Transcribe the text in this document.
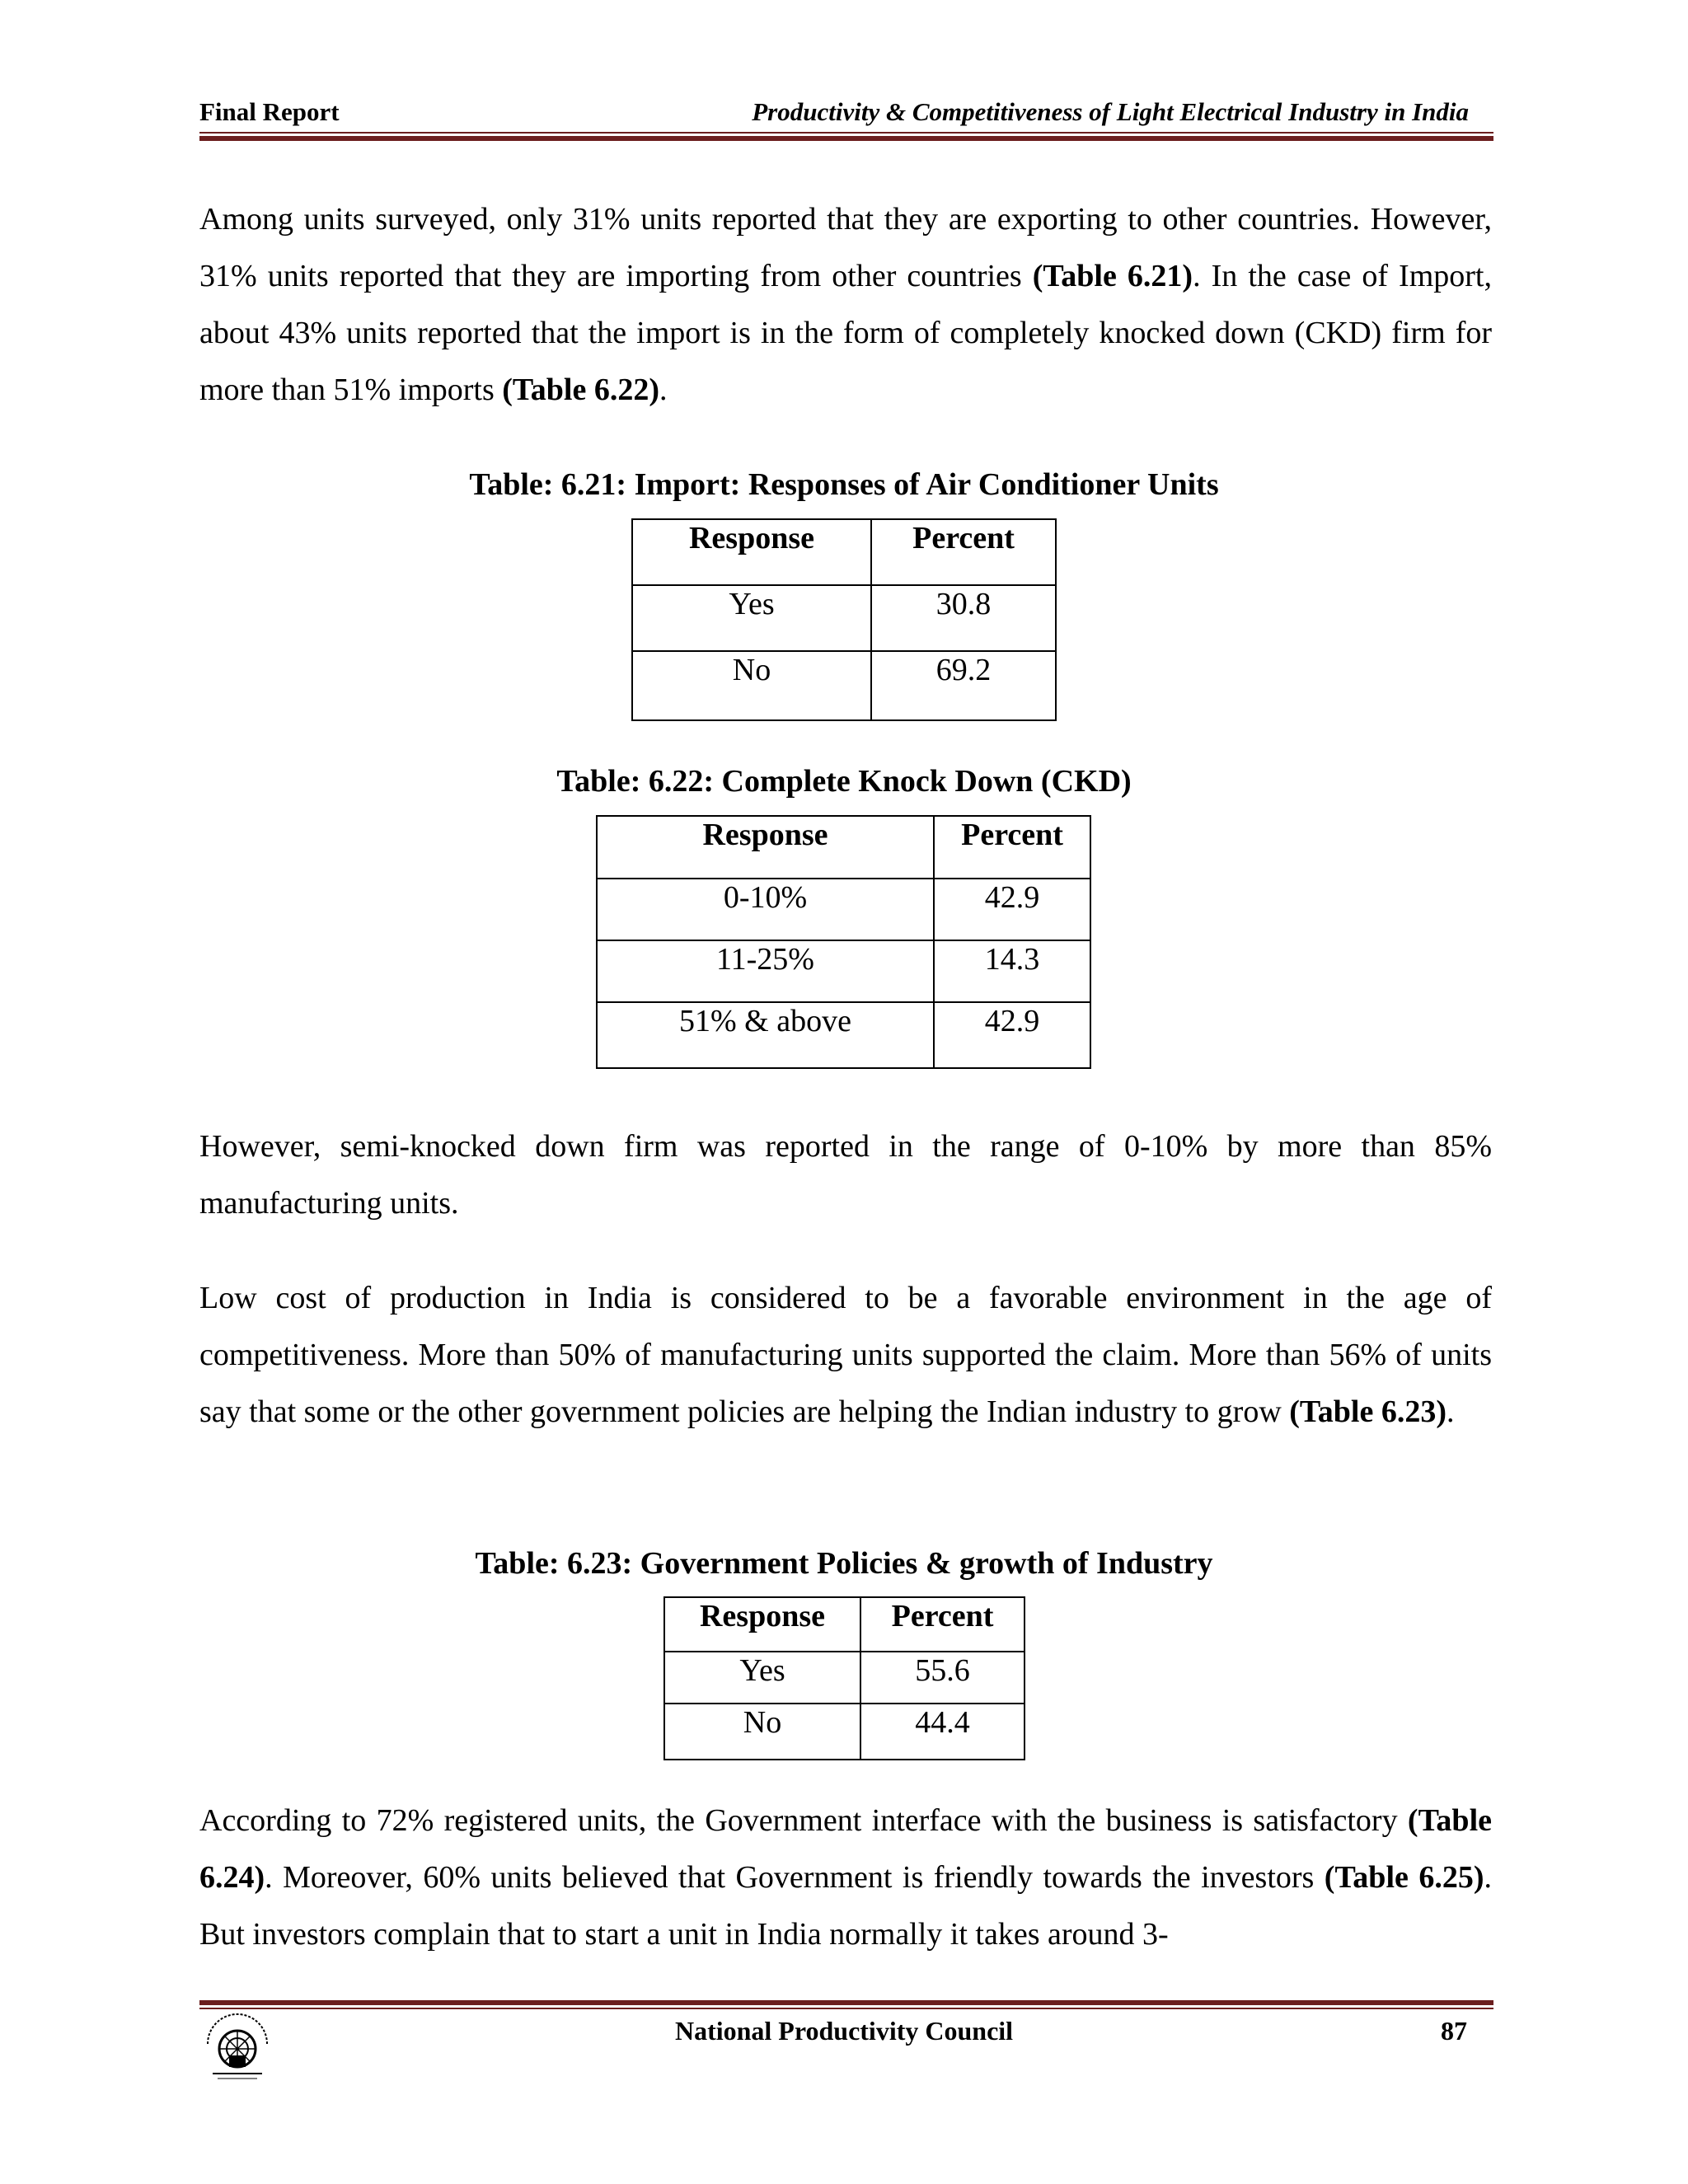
Final Report	Productivity & Competitiveness of Light Electrical Industry in India

Among units surveyed, only 31% units reported that they are exporting to other countries. However, 31% units reported that they are importing from other countries (Table 6.21). In the case of Import, about 43% units reported that the import is in the form of completely knocked down (CKD) firm for more than 51% imports (Table 6.22).

Table: 6.21: Import: Responses of Air Conditioner Units
Response	Percent
Yes	30.8
No	69.2
Table: 6.22: Complete Knock Down (CKD)
Response	Percent
0-10%	42.9
11-25%	14.3
51% & above	42.9

However, semi-knocked down firm was reported in the range of 0-10% by more than 85% manufacturing units.

Low cost of production in India is considered to be a favorable environment in the age of competitiveness. More than 50% of manufacturing units supported the claim. More than 56% of units say that some or the other government policies are helping the Indian industry to grow (Table 6.23).

Table: 6.23: Government Policies & growth of Industry
Response	Percent
Yes	55.6
No	44.4

According to 72% registered units, the Government interface with the business is satisfactory (Table 6.24). Moreover, 60% units believed that Government is friendly towards the investors (Table 6.25). But investors complain that to start a unit in India normally it takes around 3-

National Productivity Council	87
